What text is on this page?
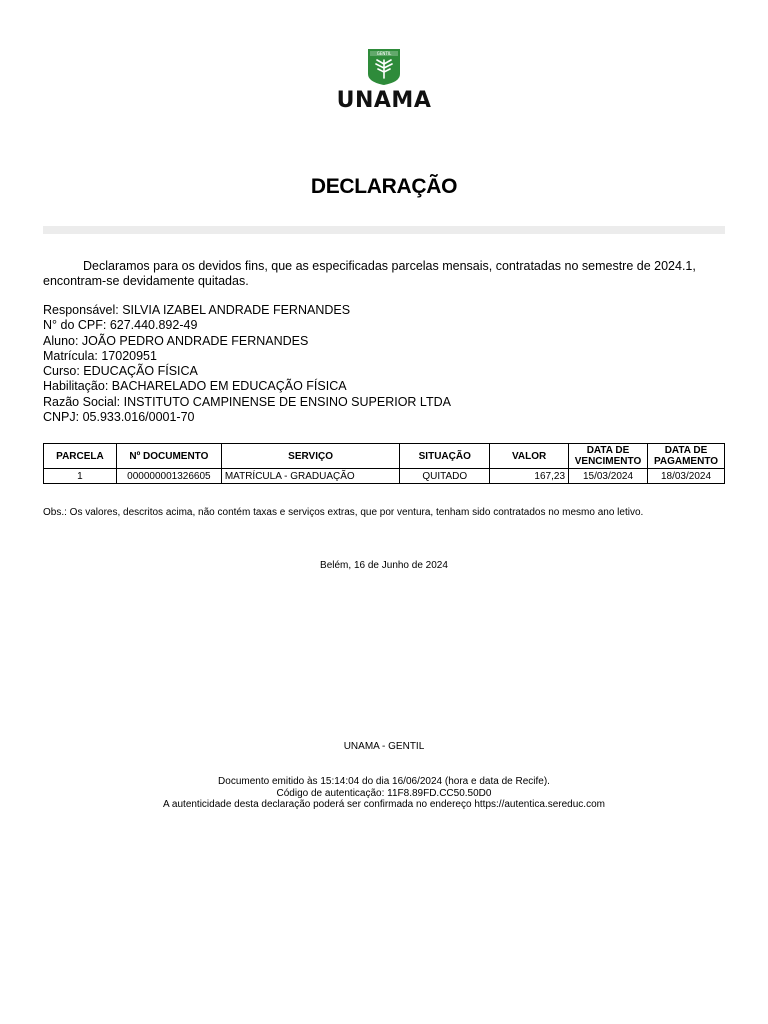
GENTIL
UNAMA
DECLARAÇÃO
Declaramos para os devidos fins, que as especificadas parcelas mensais, contratadas no semestre de 2024.1, encontram-se devidamente quitadas.
Responsável: SILVIA IZABEL ANDRADE FERNANDES
N° do CPF: 627.440.892-49
Aluno: JOÃO PEDRO ANDRADE FERNANDES
Matrícula: 17020951
Curso: EDUCAÇÃO FÍSICA
Habilitação: BACHARELADO EM EDUCAÇÃO FÍSICA
Razão Social: INSTITUTO CAMPINENSE DE ENSINO SUPERIOR LTDA
CNPJ: 05.933.016/0001-70
PARCELA	Nº DOCUMENTO	SERVIÇO	SITUAÇÃO	VALOR	DATA DE VENCIMENTO	DATA DE PAGAMENTO
1	000000001326605	MATRÍCULA - GRADUAÇÃO	QUITADO	167,23	15/03/2024	18/03/2024
Obs.: Os valores, descritos acima, não contém taxas e serviços extras, que por ventura, tenham sido contratados no mesmo ano letivo.
Belém, 16 de Junho de 2024
UNAMA - GENTIL
Documento emitido às 15:14:04 do dia 16/06/2024 (hora e data de Recife).
Código de autenticação: 11F8.89FD.CC50.50D0
A autenticidade desta declaração poderá ser confirmada no endereço https://autentica.sereduc.com
